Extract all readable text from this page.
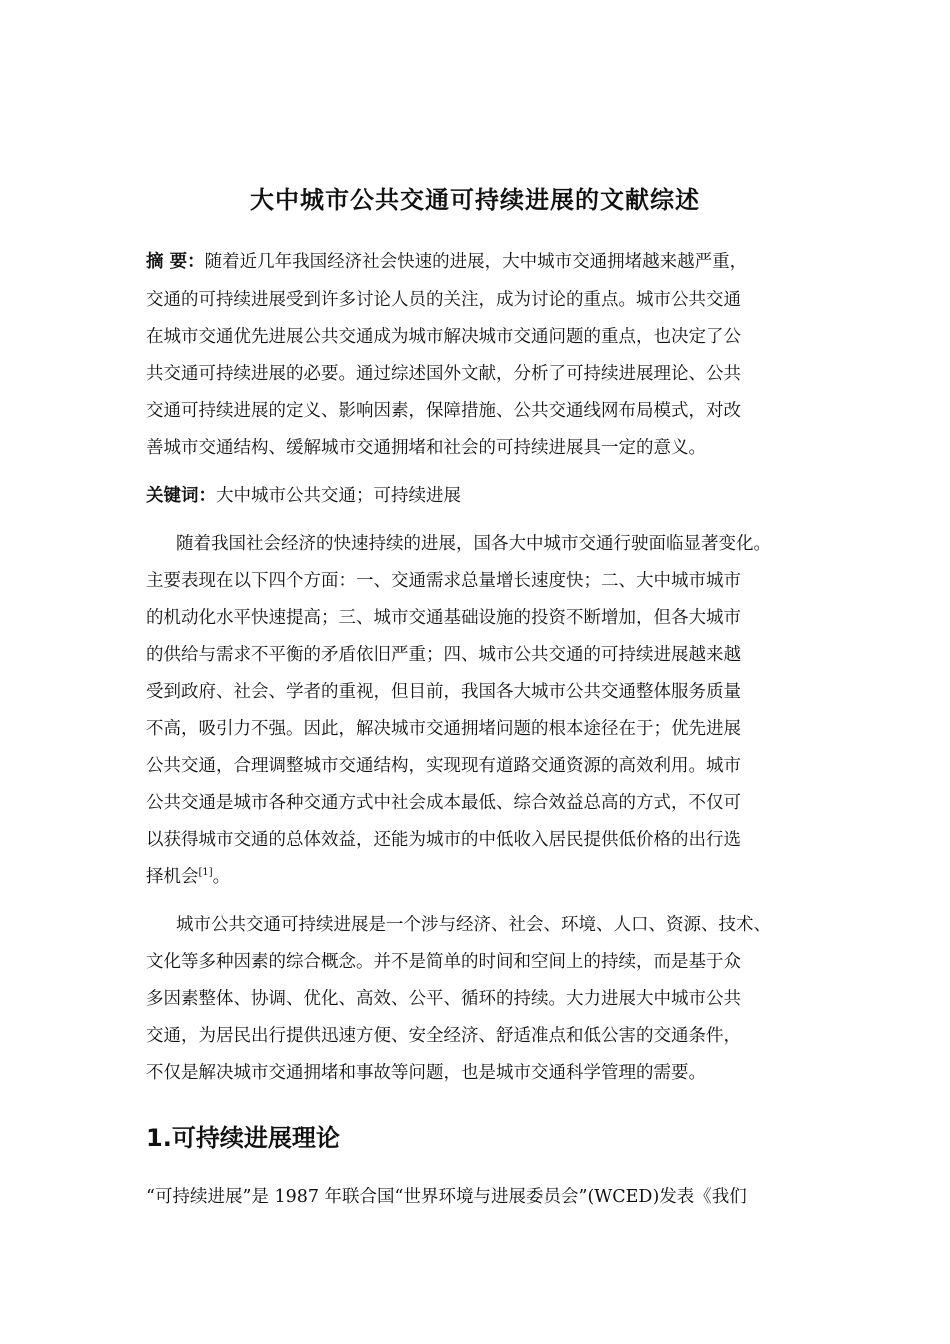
大中城市公共交通可持续进展的文献综述
摘 要：随着近几年我国经济社会快速的进展，大中城市交通拥堵越来越严重，
交通的可持续进展受到许多讨论人员的关注，成为讨论的重点。城市公共交通
在城市交通优先进展公共交通成为城市解决城市交通问题的重点，也决定了公
共交通可持续进展的必要。通过综述国外文献，分析了可持续进展理论、公共
交通可持续进展的定义、影响因素，保障措施、公共交通线网布局模式，对改
善城市交通结构、缓解城市交通拥堵和社会的可持续进展具一定的意义。
关键词：大中城市公共交通；可持续进展
随着我国社会经济的快速持续的进展，国各大中城市交通行驶面临显著变化。
主要表现在以下四个方面：一、交通需求总量增长速度快；二、大中城市城市
的机动化水平快速提高；三、城市交通基础设施的投资不断增加，但各大城市
的供给与需求不平衡的矛盾依旧严重；四、城市公共交通的可持续进展越来越
受到政府、社会、学者的重视，但目前，我国各大城市公共交通整体服务质量
不高，吸引力不强。因此，解决城市交通拥堵问题的根本途径在于；优先进展
公共交通，合理调整城市交通结构，实现现有道路交通资源的高效利用。城市
公共交通是城市各种交通方式中社会成本最低、综合效益总高的方式，不仅可
以获得城市交通的总体效益，还能为城市的中低收入居民提供低价格的出行选
择机会[1]。
城市公共交通可持续进展是一个涉与经济、社会、环境、人口、资源、技术、
文化等多种因素的综合概念。并不是简单的时间和空间上的持续，而是基于众
多因素整体、协调、优化、高效、公平、循环的持续。大力进展大中城市公共
交通，为居民出行提供迅速方便、安全经济、舒适准点和低公害的交通条件，
不仅是解决城市交通拥堵和事故等问题，也是城市交通科学管理的需要。
1.可持续进展理论
“可持续进展”是 1987 年联合国“世界环境与进展委员会”(WCED)发表《我们
